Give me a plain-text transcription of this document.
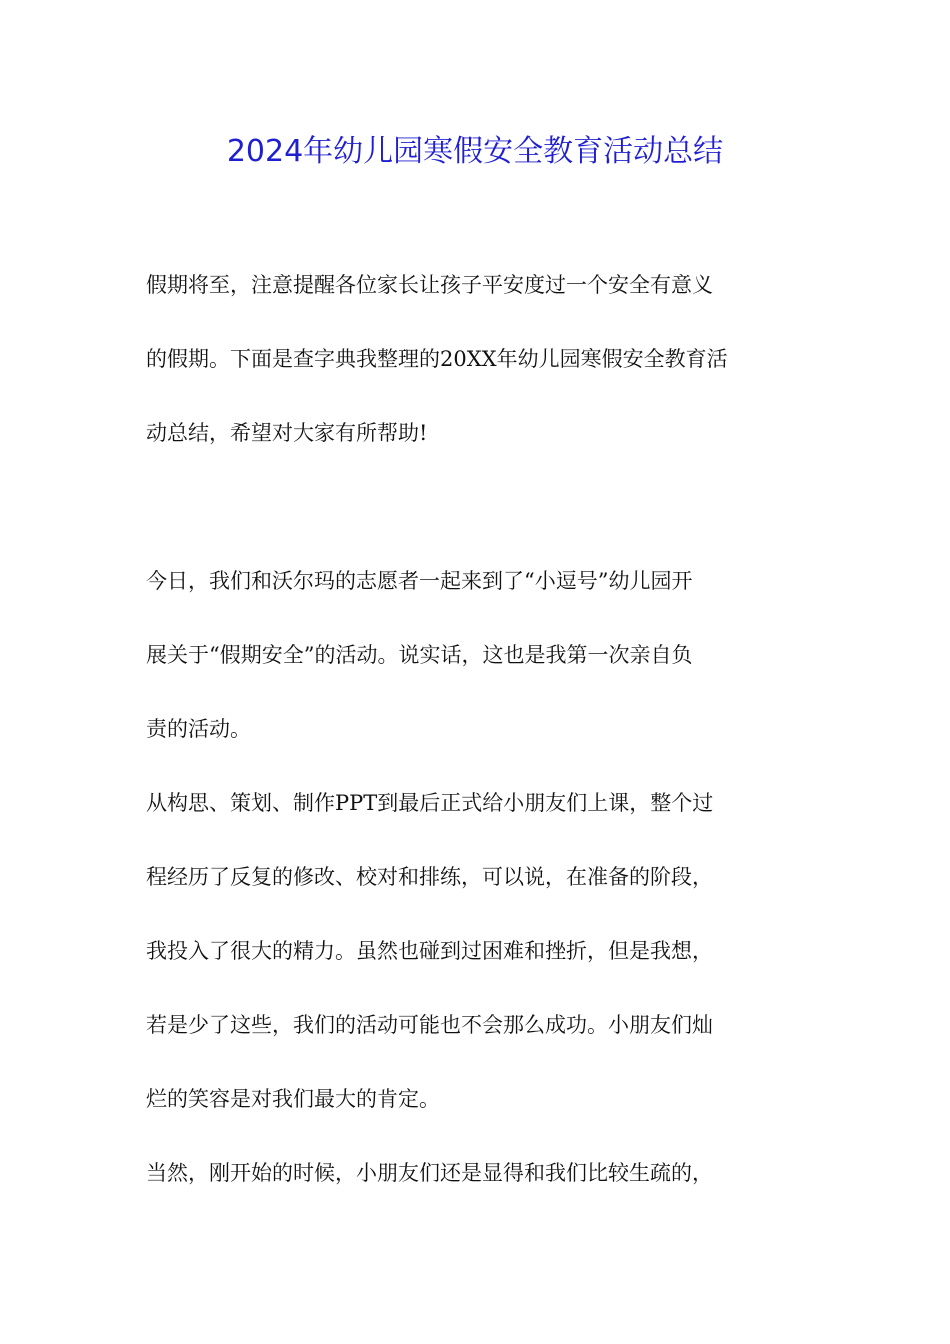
2024年幼儿园寒假安全教育活动总结
假期将至，注意提醒各位家长让孩子平安度过一个安全有意义
的假期。下面是查字典我整理的20XX年幼儿园寒假安全教育活
动总结，希望对大家有所帮助!
今日，我们和沃尔玛的志愿者一起来到了“小逗号”幼儿园开
展关于“假期安全”的活动。说实话，这也是我第一次亲自负
责的活动。
从构思、策划、制作PPT到最后正式给小朋友们上课，整个过
程经历了反复的修改、校对和排练，可以说，在准备的阶段，
我投入了很大的精力。虽然也碰到过困难和挫折，但是我想，
若是少了这些，我们的活动可能也不会那么成功。小朋友们灿
烂的笑容是对我们最大的肯定。
当然，刚开始的时候，小朋友们还是显得和我们比较生疏的，
